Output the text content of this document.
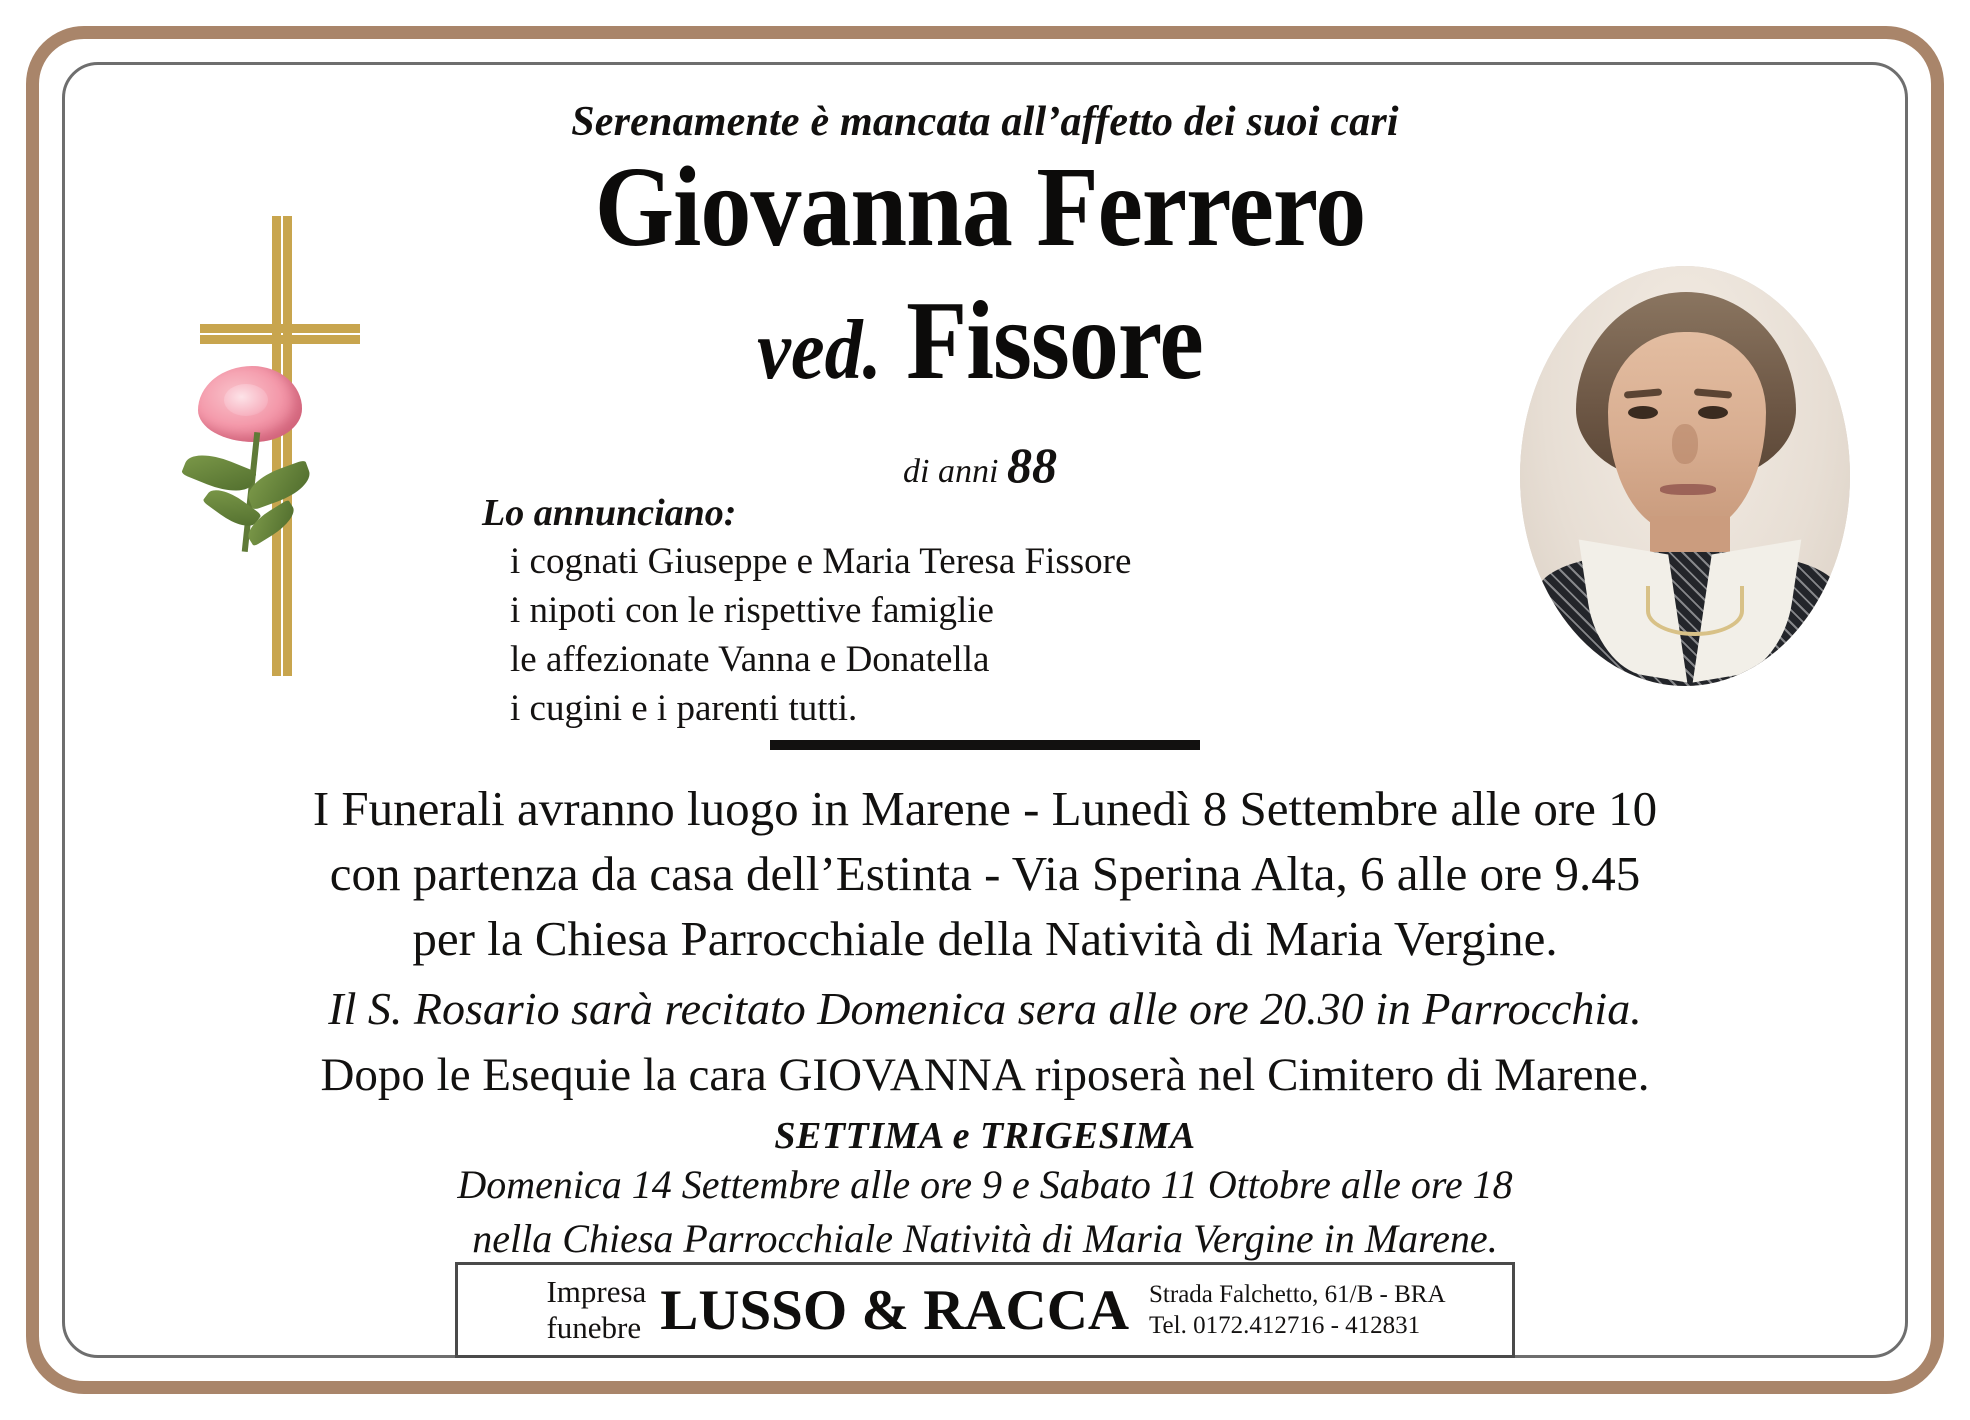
Serenamente è mancata all’affetto dei suoi cari
Giovanna Ferrero
ved. Fissore
di anni 88
Lo annunciano:
i cognati Giuseppe e Maria Teresa Fissore
i nipoti con le rispettive famiglie
le affezionate Vanna e Donatella
i cugini e i parenti tutti.
I Funerali avranno luogo in Marene - Lunedì 8 Settembre alle ore 10
con partenza da casa dell’Estinta - Via Sperina Alta, 6 alle ore 9.45
per la Chiesa Parrocchiale della Natività di Maria Vergine.
Il S. Rosario sarà recitato Domenica sera alle ore 20.30 in Parrocchia.
Dopo le Esequie la cara GIOVANNA riposerà nel Cimitero di Marene.
SETTIMA e TRIGESIMA
Domenica 14 Settembre alle ore 9 e Sabato 11 Ottobre alle ore 18
nella Chiesa Parrocchiale Natività di Maria Vergine in Marene.
Impresa
funebre LUSSO & RACCA Strada Falchetto, 61/B - BRA
Tel. 0172.412716 - 412831
